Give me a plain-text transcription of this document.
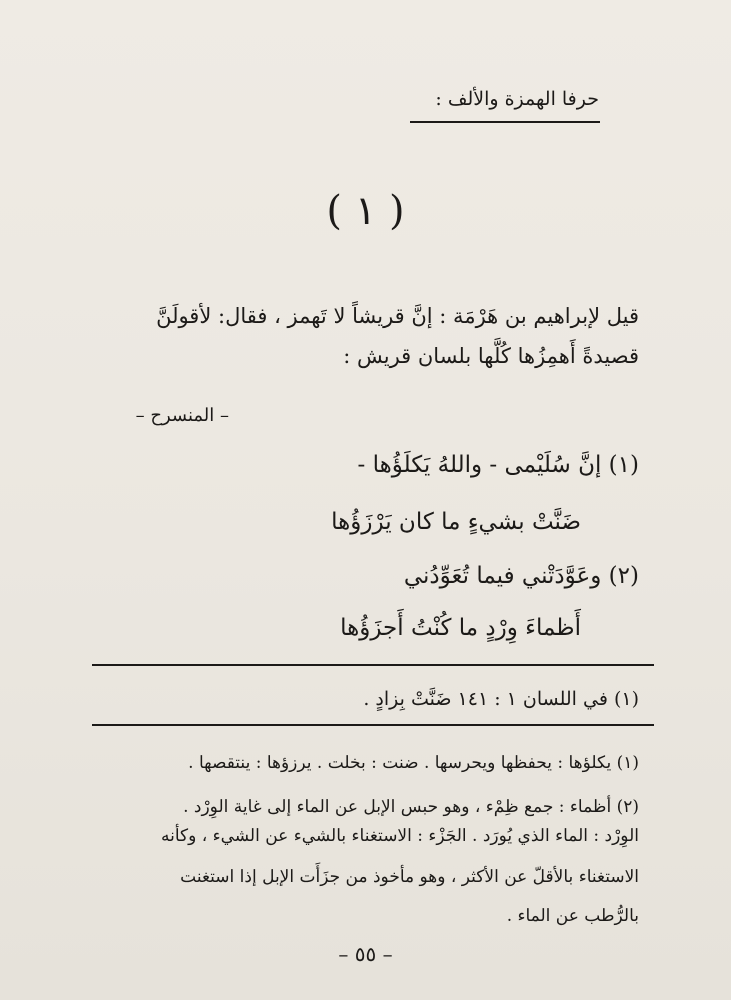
حرفا الهمزة والألف :
( ١ )
قيل لإبراهيم بن هَرْمَة : إنَّ قريشاً لا تَهمز ، فقال: لأقولَنَّ
قصيدةً أَهمِزُها كُلَّها بلسان قريش :
– المنسرح –
(١) إنَّ سُلَيْمى - واللهُ يَكلَؤُها -
ضَنَّتْ بشيءٍ ما كان يَرْزَؤُها
(٢) وعَوَّدَتْني فيما تُعَوِّدُني
أَظماءَ وِرْدٍ ما كُنْتُ أَجزَؤُها
(١) في اللسان ١ : ١٤١ ضَنَّتْ بِزادٍ .
(١) يكلؤها : يحفظها ويحرسها . ضنت : بخلت . يرزؤها : ينتقصها .
(٢) أظماء : جمع ظِمْء ، وهو حبس الإبل عن الماء إلى غاية الوِرْد .
الوِرْد : الماء الذي يُورَد . الجَزْء : الاستغناء بالشيء عن الشيء ، وكأنه
الاستغناء بالأقلّ عن الأكثر ، وهو مأخوذ من جزَأَت الإبل إذا استغنت
بالرُّطب عن الماء .
– ٥٥ –
